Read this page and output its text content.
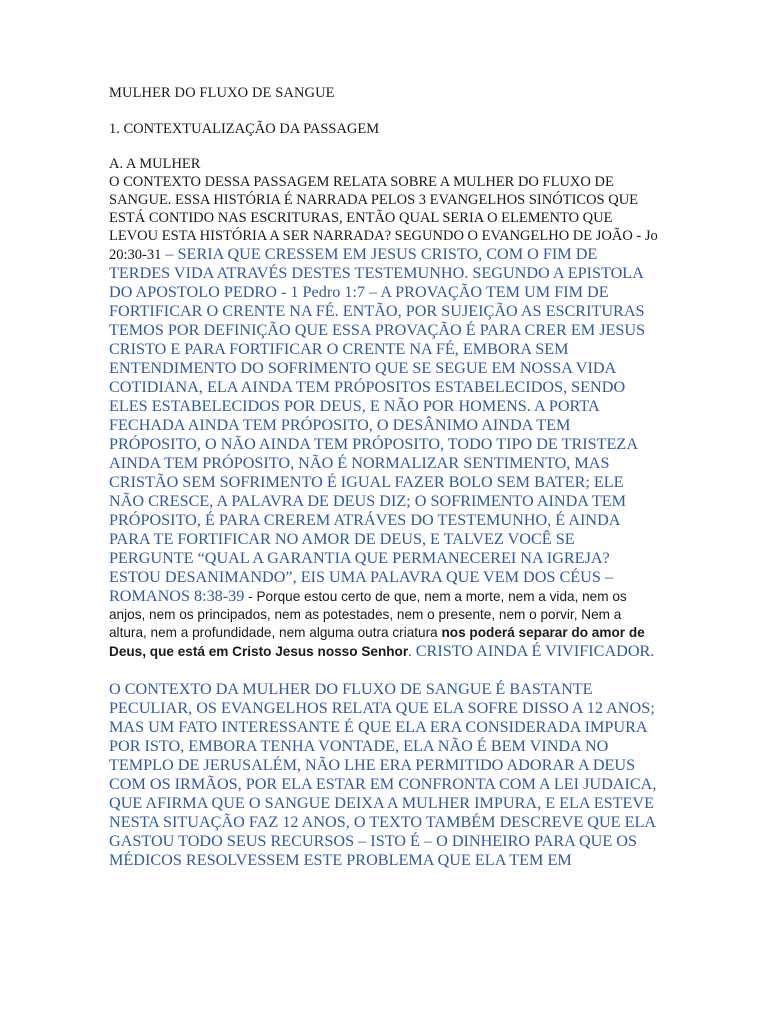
MULHER DO FLUXO DE SANGUE

1. CONTEXTUALIZAÇÃO DA PASSAGEM

A. A MULHER

O CONTEXTO DESSA PASSAGEM RELATA SOBRE A MULHER DO FLUXO DE SANGUE. ESSA HISTÓRIA É NARRADA PELOS 3 EVANGELHOS SINÓTICOS QUE ESTÁ CONTIDO NAS ESCRITURAS, ENTÃO QUAL SERIA O ELEMENTO QUE LEVOU ESTA HISTÓRIA A SER NARRADA? SEGUNDO O EVANGELHO DE JOÃO - Jo 20:30-31 – SERIA QUE CRESSEM EM JESUS CRISTO, COM O FIM DE TERDES VIDA ATRAVÉS DESTES TESTEMUNHO. SEGUNDO A EPISTOLA DO APOSTOLO PEDRO - 1 Pedro 1:7 – A PROVAÇÃO TEM UM FIM DE FORTIFICAR O CRENTE NA FÉ. ENTÃO, POR SUJEIÇÃO AS ESCRITURAS TEMOS POR DEFINIÇÃO QUE ESSA PROVAÇÃO É PARA CRER EM JESUS CRISTO E PARA FORTIFICAR O CRENTE NA FÉ, EMBORA SEM ENTENDIMENTO DO SOFRIMENTO QUE SE SEGUE EM NOSSA VIDA COTIDIANA, ELA AINDA TEM PRÓPOSITOS ESTABELECIDOS, SENDO ELES ESTABELECIDOS POR DEUS, E NÃO POR HOMENS. A PORTA FECHADA AINDA TEM PRÓPOSITO, O DESÂNIMO AINDA TEM PRÓPOSITO, O NÃO AINDA TEM PRÓPOSITO, TODO TIPO DE TRISTEZA AINDA TEM PRÓPOSITO, NÃO É NORMALIZAR SENTIMENTO, MAS CRISTÃO SEM SOFRIMENTO É IGUAL FAZER BOLO SEM BATER; ELE NÃO CRESCE, A PALAVRA DE DEUS DIZ; O SOFRIMENTO AINDA TEM PRÓPOSITO, É PARA CREREM ATRÁVES DO TESTEMUNHO, É AINDA PARA TE FORTIFICAR NO AMOR DE DEUS, E TALVEZ VOCÊ SE PERGUNTE “QUAL A GARANTIA QUE PERMANECEREI NA IGREJA? ESTOU DESANIMANDO”, EIS UMA PALAVRA QUE VEM DOS CÉUS – ROMANOS 8:38-39 - Porque estou certo de que, nem a morte, nem a vida, nem os anjos, nem os principados, nem as potestades, nem o presente, nem o porvir, Nem a altura, nem a profundidade, nem alguma outra criatura nos poderá separar do amor de Deus, que está em Cristo Jesus nosso Senhor. CRISTO AINDA É VIVIFICADOR.

O CONTEXTO DA MULHER DO FLUXO DE SANGUE É BASTANTE PECULIAR, OS EVANGELHOS RELATA QUE ELA SOFRE DISSO A 12 ANOS; MAS UM FATO INTERESSANTE É QUE ELA ERA CONSIDERADA IMPURA POR ISTO, EMBORA TENHA VONTADE, ELA NÃO É BEM VINDA NO TEMPLO DE JERUSALÉM, NÃO LHE ERA PERMITIDO ADORAR A DEUS COM OS IRMÃOS, POR ELA ESTAR EM CONFRONTA COM A LEI JUDAICA, QUE AFIRMA QUE O SANGUE DEIXA A MULHER IMPURA, E ELA ESTEVE NESTA SITUAÇÃO FAZ 12 ANOS, O TEXTO TAMBÉM DESCREVE QUE ELA GASTOU TODO SEUS RECURSOS – ISTO É – O DINHEIRO PARA QUE OS MÉDICOS RESOLVESSEM ESTE PROBLEMA QUE ELA TEM EM
